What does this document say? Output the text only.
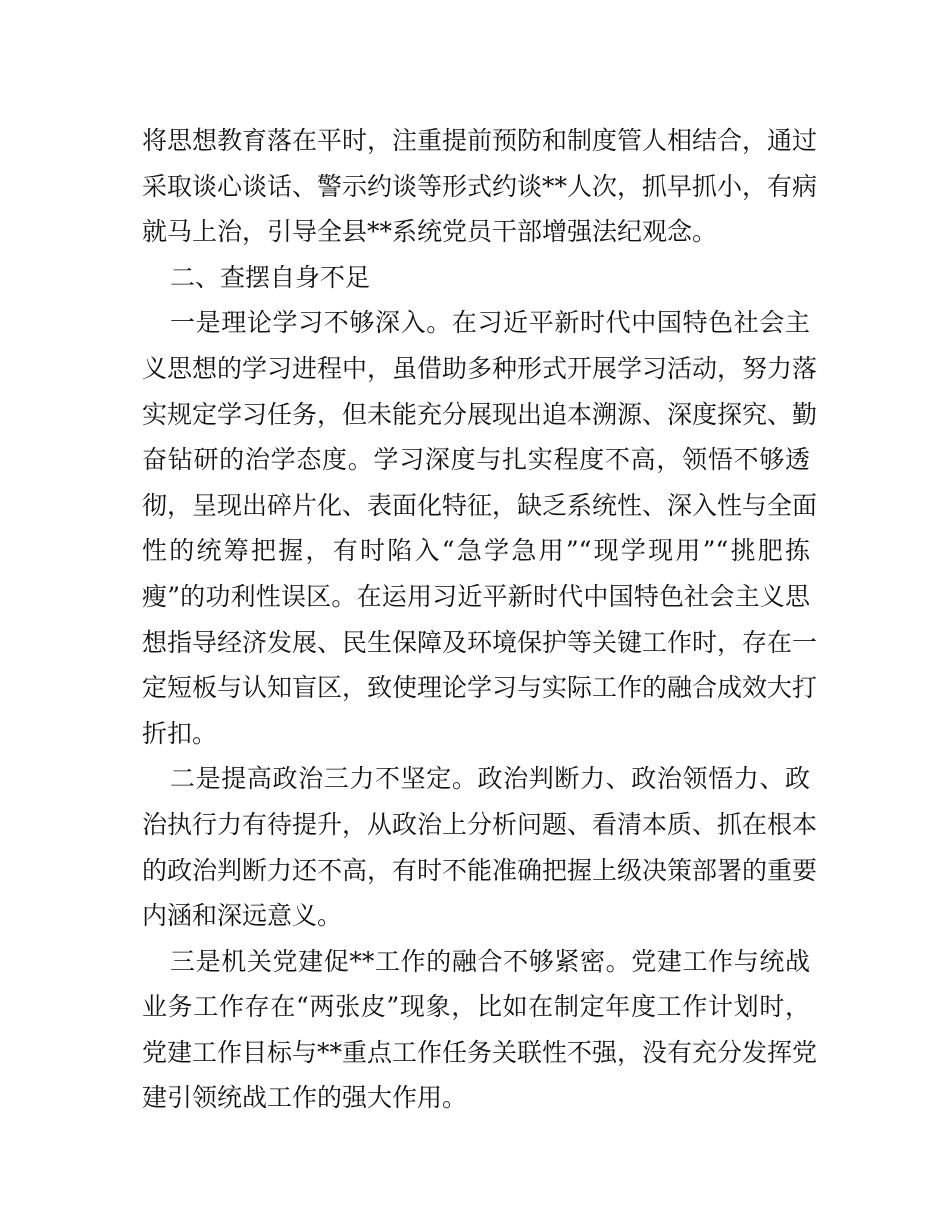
将思想教育落在平时，注重提前预防和制度管人相结合，通过
采取谈心谈话、警示约谈等形式约谈**人次，抓早抓小，有病
就马上治，引导全县**系统党员干部增强法纪观念。
二、查摆自身不足
一是理论学习不够深入。在习近平新时代中国特色社会主
义思想的学习进程中，虽借助多种形式开展学习活动，努力落
实规定学习任务，但未能充分展现出追本溯源、深度探究、勤
奋钻研的治学态度。学习深度与扎实程度不高，领悟不够透
彻，呈现出碎片化、表面化特征，缺乏系统性、深入性与全面
性的统筹把握，有时陷入“急学急用”“现学现用”“挑肥拣
瘦”的功利性误区。在运用习近平新时代中国特色社会主义思
想指导经济发展、民生保障及环境保护等关键工作时，存在一
定短板与认知盲区，致使理论学习与实际工作的融合成效大打
折扣。
二是提高政治三力不坚定。政治判断力、政治领悟力、政
治执行力有待提升，从政治上分析问题、看清本质、抓在根本
的政治判断力还不高，有时不能准确把握上级决策部署的重要
内涵和深远意义。
三是机关党建促**工作的融合不够紧密。党建工作与统战
业务工作存在“两张皮”现象，比如在制定年度工作计划时，
党建工作目标与**重点工作任务关联性不强，没有充分发挥党
建引领统战工作的强大作用。
